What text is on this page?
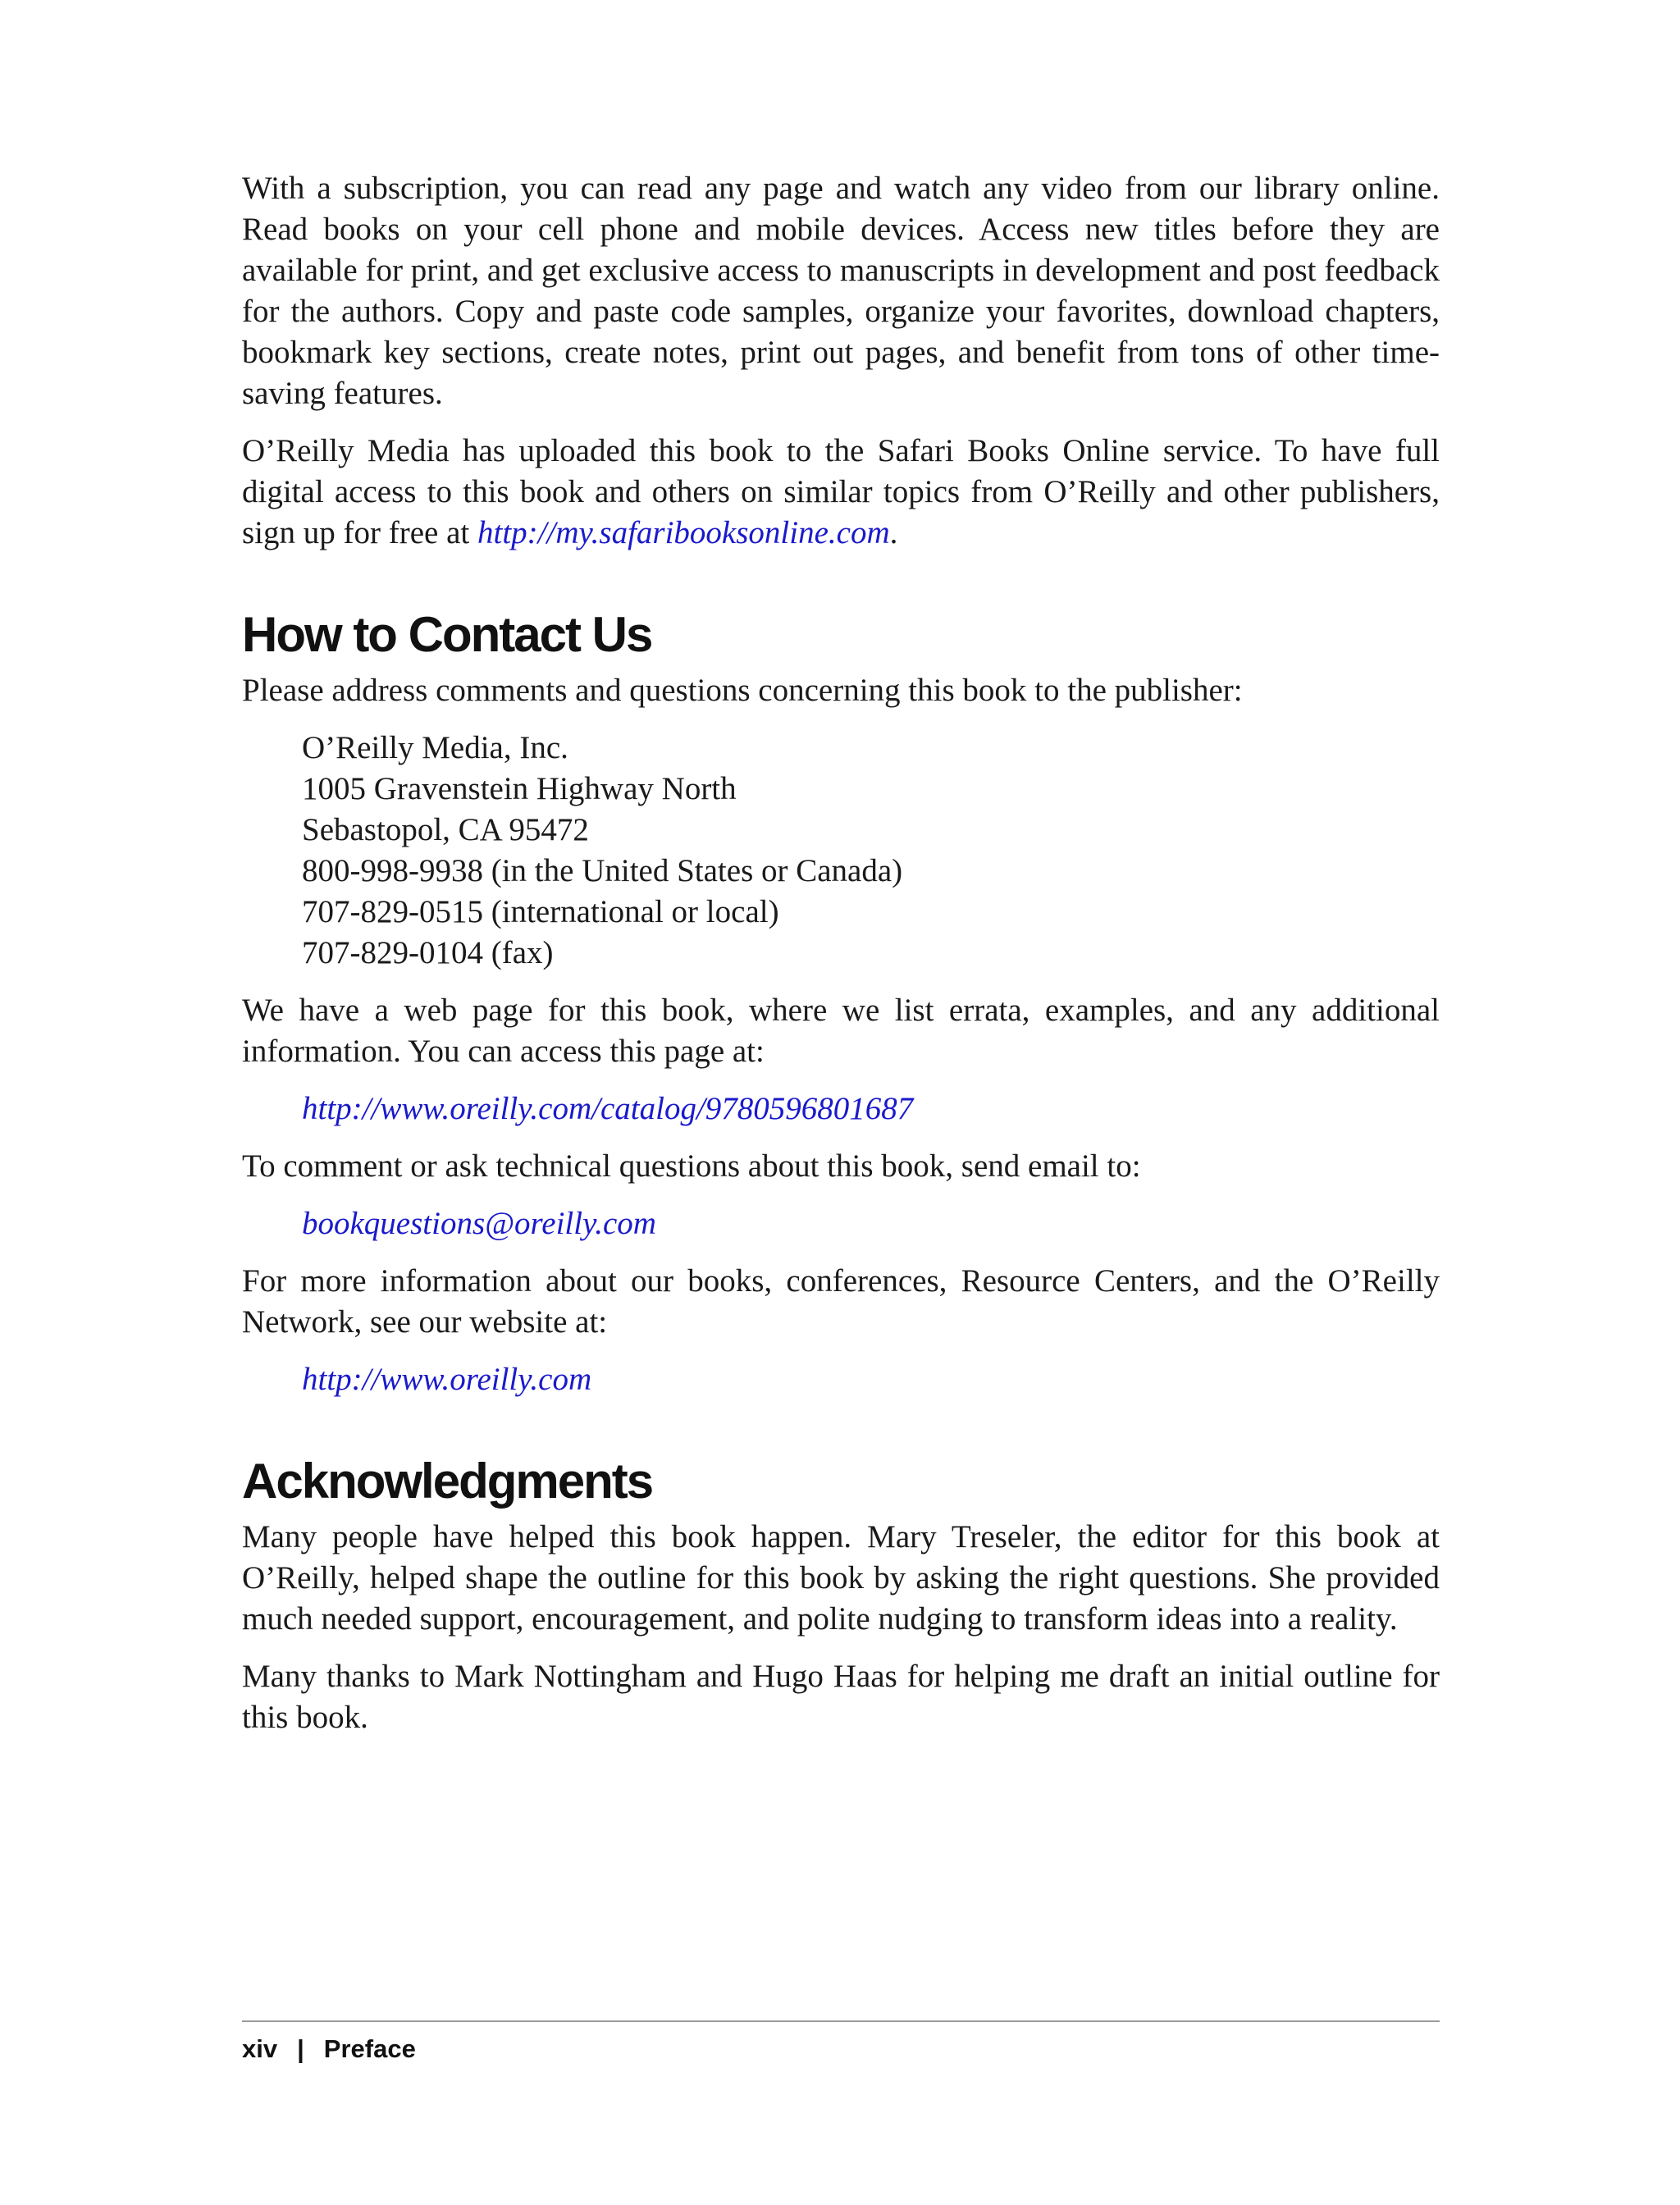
With a subscription, you can read any page and watch any video from our library online. Read books on your cell phone and mobile devices. Access new titles before they are available for print, and get exclusive access to manuscripts in development and post feedback for the authors. Copy and paste code samples, organize your favorites, download chapters, bookmark key sections, create notes, print out pages, and benefit from tons of other time-saving features.

O’Reilly Media has uploaded this book to the Safari Books Online service. To have full digital access to this book and others on similar topics from O’Reilly and other publishers, sign up for free at http://my.safaribooksonline.com.

How to Contact Us

Please address comments and questions concerning this book to the publisher:

O’Reilly Media, Inc.
1005 Gravenstein Highway North
Sebastopol, CA 95472
800-998-9938 (in the United States or Canada)
707-829-0515 (international or local)
707-829-0104 (fax)

We have a web page for this book, where we list errata, examples, and any additional information. You can access this page at:

http://www.oreilly.com/catalog/9780596801687

To comment or ask technical questions about this book, send email to:

bookquestions@oreilly.com

For more information about our books, conferences, Resource Centers, and the O’Reilly Network, see our website at:

http://www.oreilly.com

Acknowledgments

Many people have helped this book happen. Mary Treseler, the editor for this book at O’Reilly, helped shape the outline for this book by asking the right questions. She provided much needed support, encouragement, and polite nudging to transform ideas into a reality.

Many thanks to Mark Nottingham and Hugo Haas for helping me draft an initial outline for this book.

xiv | Preface
